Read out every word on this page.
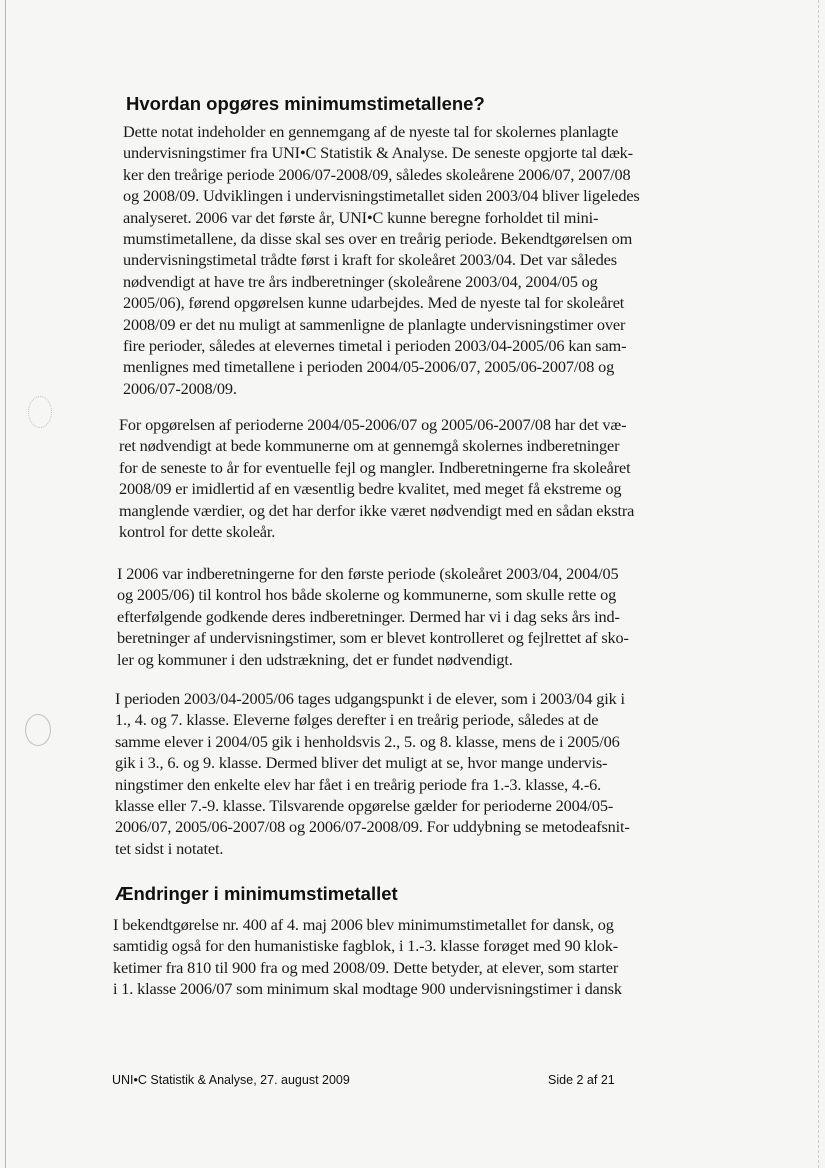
Hvordan opgøres minimumstimetallene?

Dette notat indeholder en gennemgang af de nyeste tal for skolernes planlagte
undervisningstimer fra UNI•C Statistik & Analyse. De seneste opgjorte tal dæk-
ker den treårige periode 2006/07-2008/09, således skoleårene 2006/07, 2007/08
og 2008/09. Udviklingen i undervisningstimetallet siden 2003/04 bliver ligeledes
analyseret. 2006 var det første år, UNI•C kunne beregne forholdet til mini-
mumstimetallene, da disse skal ses over en treårig periode. Bekendtgørelsen om
undervisningstimetal trådte først i kraft for skoleåret 2003/04. Det var således
nødvendigt at have tre års indberetninger (skoleårene 2003/04, 2004/05 og
2005/06), førend opgørelsen kunne udarbejdes. Med de nyeste tal for skoleåret
2008/09 er det nu muligt at sammenligne de planlagte undervisningstimer over
fire perioder, således at elevernes timetal i perioden 2003/04-2005/06 kan sam-
menlignes med timetallene i perioden 2004/05-2006/07, 2005/06-2007/08 og
2006/07-2008/09.

For opgørelsen af perioderne 2004/05-2006/07 og 2005/06-2007/08 har det væ-
ret nødvendigt at bede kommunerne om at gennemgå skolernes indberetninger
for de seneste to år for eventuelle fejl og mangler. Indberetningerne fra skoleåret
2008/09 er imidlertid af en væsentlig bedre kvalitet, med meget få ekstreme og
manglende værdier, og det har derfor ikke været nødvendigt med en sådan ekstra
kontrol for dette skoleår.

I 2006 var indberetningerne for den første periode (skoleåret 2003/04, 2004/05
og 2005/06) til kontrol hos både skolerne og kommunerne, som skulle rette og
efterfølgende godkende deres indberetninger. Dermed har vi i dag seks års ind-
beretninger af undervisningstimer, som er blevet kontrolleret og fejlrettet af sko-
ler og kommuner i den udstrækning, det er fundet nødvendigt.

I perioden 2003/04-2005/06 tages udgangspunkt i de elever, som i 2003/04 gik i
1., 4. og 7. klasse. Eleverne følges derefter i en treårig periode, således at de
samme elever i 2004/05 gik i henholdsvis 2., 5. og 8. klasse, mens de i 2005/06
gik i 3., 6. og 9. klasse. Dermed bliver det muligt at se, hvor mange undervis-
ningstimer den enkelte elev har fået i en treårig periode fra 1.-3. klasse, 4.-6.
klasse eller 7.-9. klasse. Tilsvarende opgørelse gælder for perioderne 2004/05-
2006/07, 2005/06-2007/08 og 2006/07-2008/09. For uddybning se metodeafsnit-
tet sidst i notatet.

Ændringer i minimumstimetallet

I bekendtgørelse nr. 400 af 4. maj 2006 blev minimumstimetallet for dansk, og
samtidig også for den humanistiske fagblok, i 1.-3. klasse forøget med 90 klok-
ketimer fra 810 til 900 fra og med 2008/09. Dette betyder, at elever, som starter
i 1. klasse 2006/07 som minimum skal modtage 900 undervisningstimer i dansk

UNI•C Statistik & Analyse, 27. august 2009	Side 2 af 21
